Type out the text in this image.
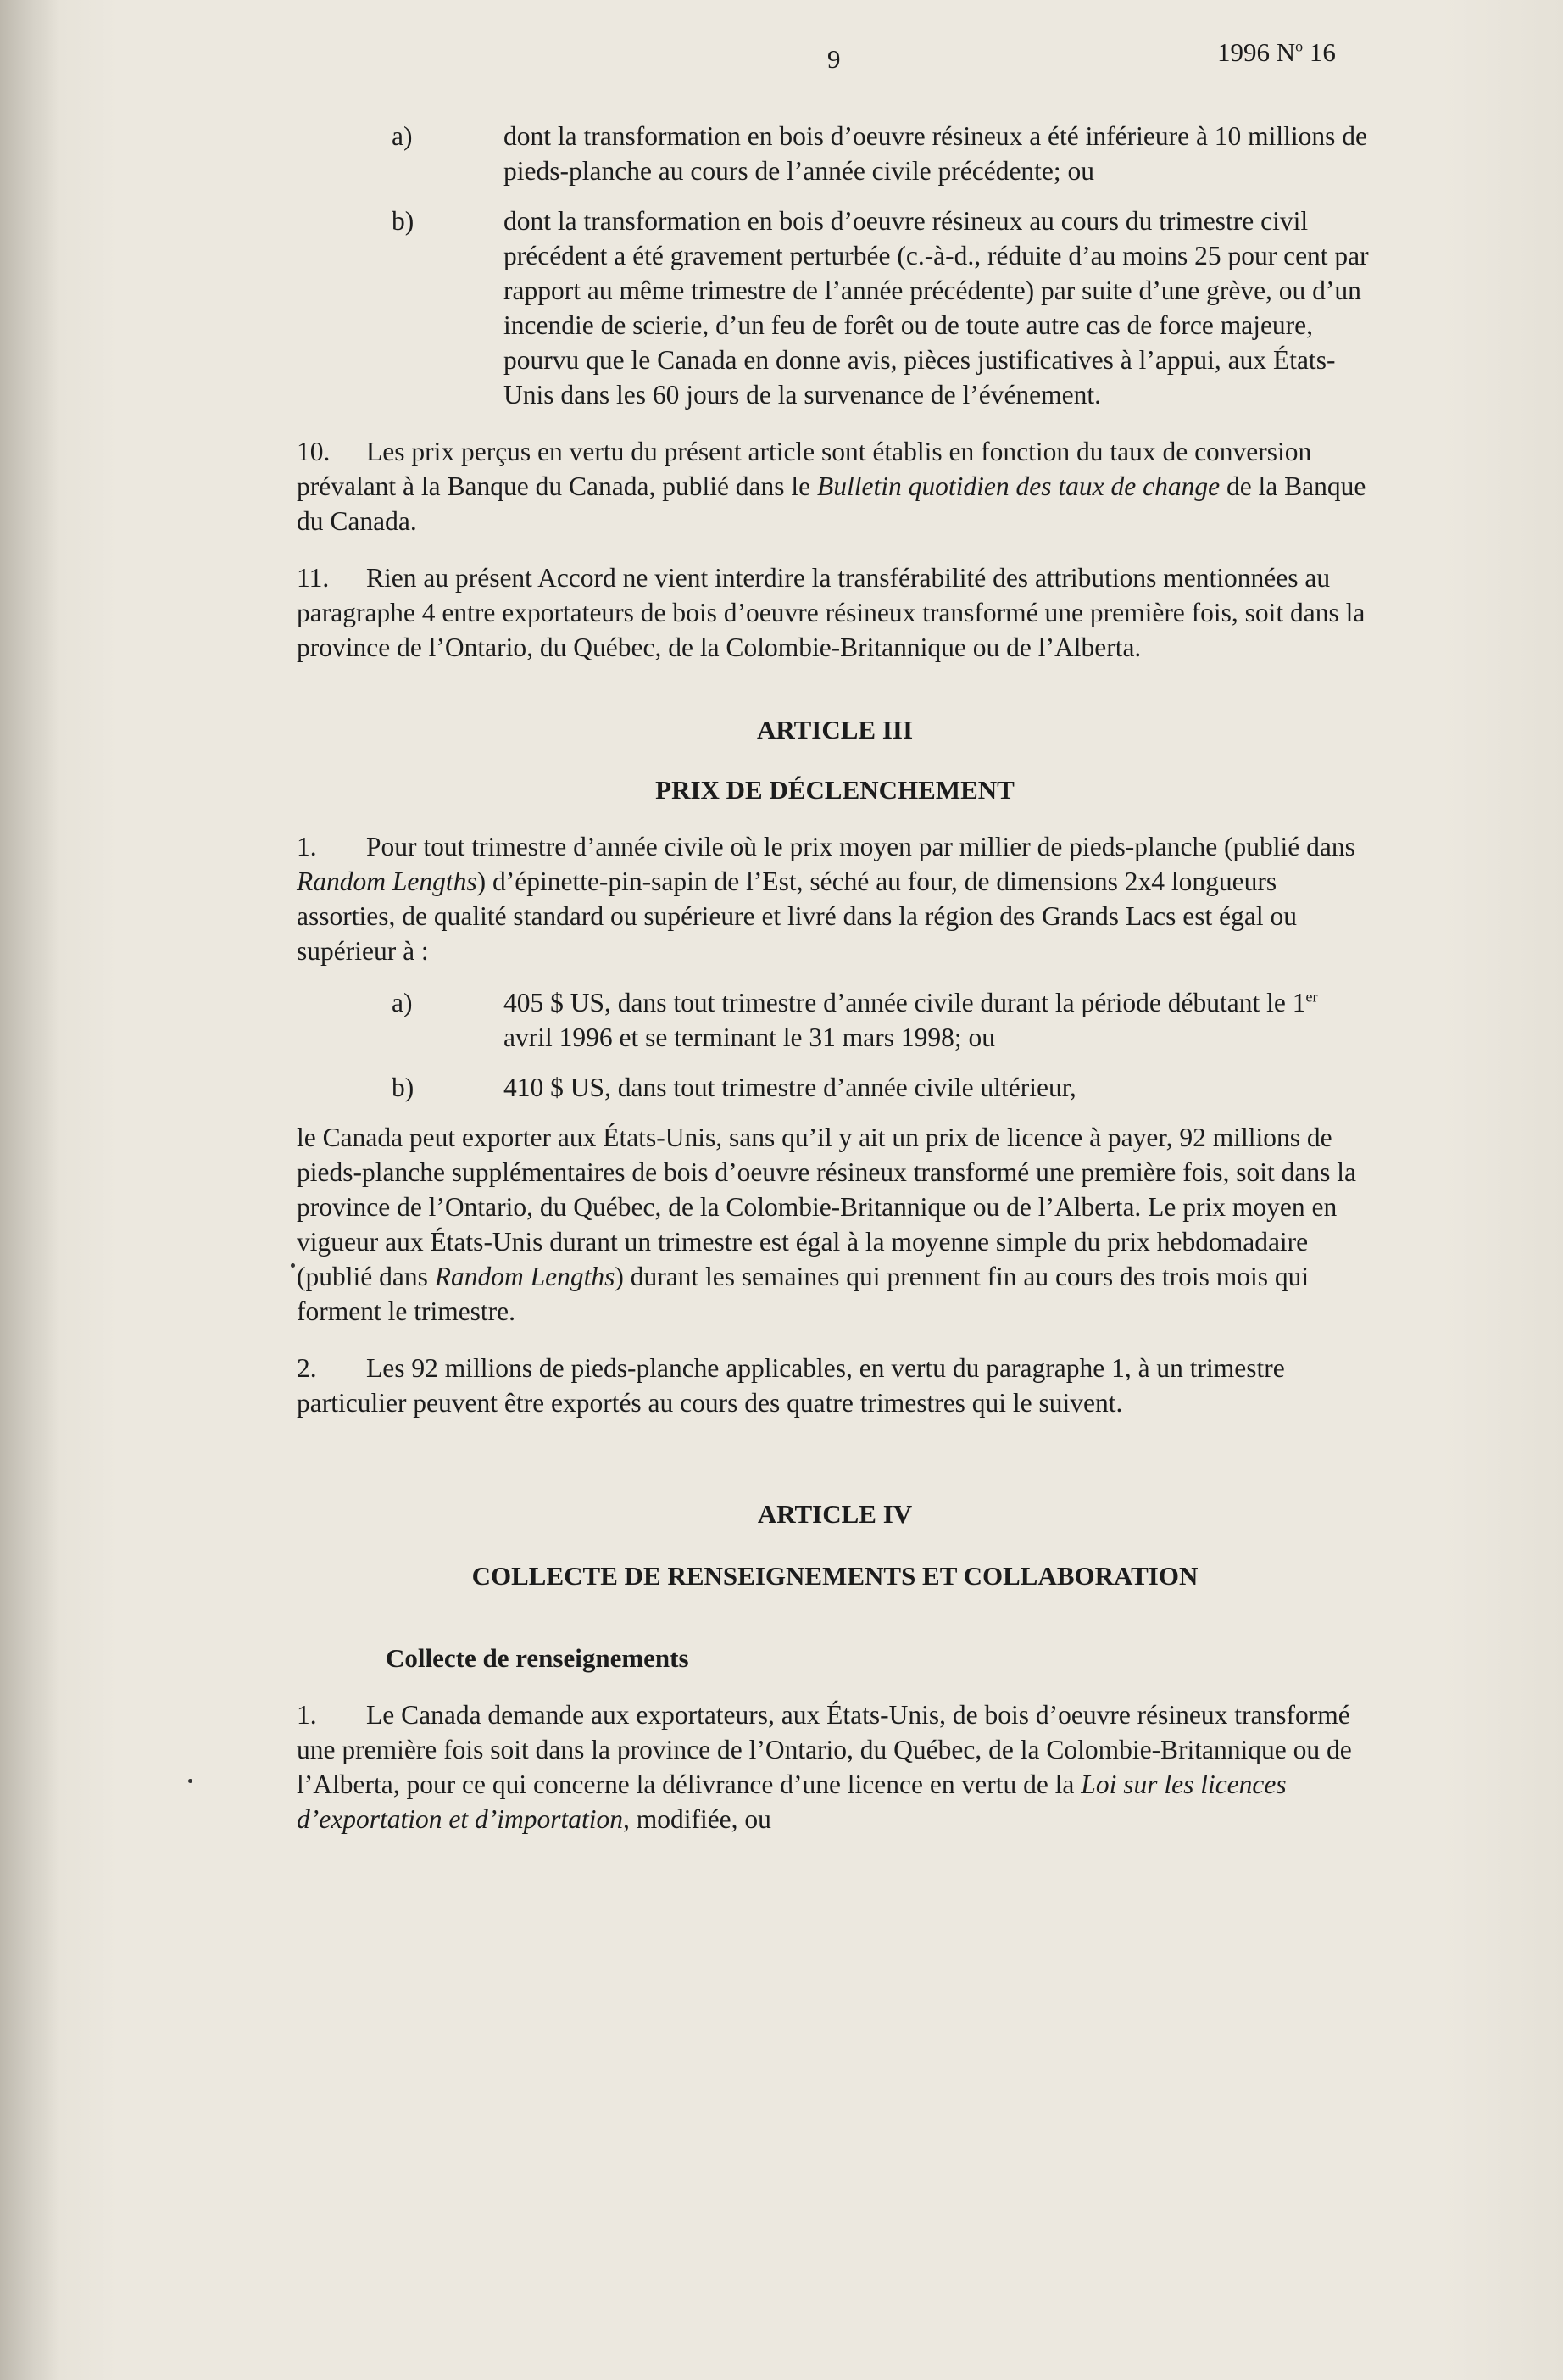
9	1996 $N^o$ 16
a)	dont la transformation en bois d’oeuvre résineux a été inférieure à 10 millions de pieds-planche au cours de l’année civile précédente; ou
b)	dont la transformation en bois d’oeuvre résineux au cours du trimestre civil précédent a été gravement perturbée (c.-à-d., réduite d’au moins 25 pour cent par rapport au même trimestre de l’année précédente) par suite d’une grève, ou d’un incendie de scierie, d’un feu de forêt ou de toute autre cas de force majeure, pourvu que le Canada en donne avis, pièces justificatives à l’appui, aux États-Unis dans les 60 jours de la survenance de l’événement.

10. Les prix perçus en vertu du présent article sont établis en fonction du taux de conversion prévalant à la Banque du Canada, publié dans le Bulletin quotidien des taux de change de la Banque du Canada.

11. Rien au présent Accord ne vient interdire la transférabilité des attributions mentionnées au paragraphe 4 entre exportateurs de bois d’oeuvre résineux transformé une première fois, soit dans la province de l’Ontario, du Québec, de la Colombie-Britannique ou de l’Alberta.

ARTICLE III

PRIX DE DÉCLENCHEMENT

1. Pour tout trimestre d’année civile où le prix moyen par millier de pieds-planche (publié dans Random Lengths) d’épinette-pin-sapin de l’Est, séché au four, de dimensions 2x4 longueurs assorties, de qualité standard ou supérieure et livré dans la région des Grands Lacs est égal ou supérieur à :

a)	405 $ US, dans tout trimestre d’année civile durant la période débutant le 1er avril 1996 et se terminant le 31 mars 1998; ou
b)	410 $ US, dans tout trimestre d’année civile ultérieur,

le Canada peut exporter aux États-Unis, sans qu’il y ait un prix de licence à payer, 92 millions de pieds-planche supplémentaires de bois d’oeuvre résineux transformé une première fois, soit dans la province de l’Ontario, du Québec, de la Colombie-Britannique ou de l’Alberta. Le prix moyen en vigueur aux États-Unis durant un trimestre est égal à la moyenne simple du prix hebdomadaire (publié dans Random Lengths) durant les semaines qui prennent fin au cours des trois mois qui forment le trimestre.

2. Les 92 millions de pieds-planche applicables, en vertu du paragraphe 1, à un trimestre particulier peuvent être exportés au cours des quatre trimestres qui le suivent.

ARTICLE IV

COLLECTE DE RENSEIGNEMENTS ET COLLABORATION

Collecte de renseignements

1. Le Canada demande aux exportateurs, aux États-Unis, de bois d’oeuvre résineux transformé une première fois soit dans la province de l’Ontario, du Québec, de la Colombie-Britannique ou de l’Alberta, pour ce qui concerne la délivrance d’une licence en vertu de la Loi sur les licences d’exportation et d’importation, modifiée, ou
